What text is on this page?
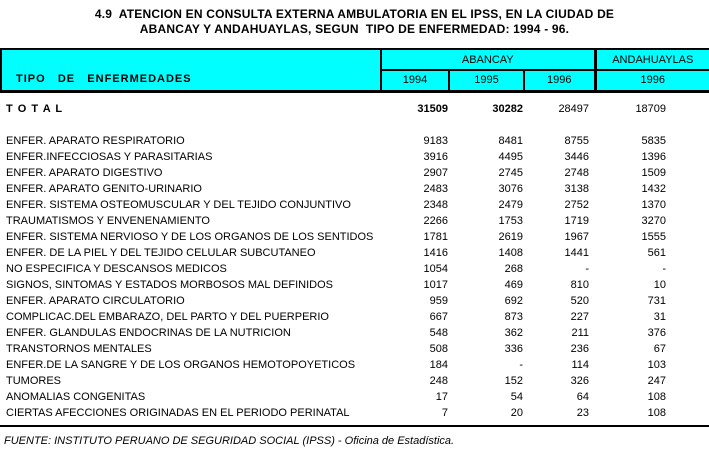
4.9  ATENCION EN CONSULTA EXTERNA AMBULATORIA EN EL IPSS, EN LA CIUDAD DE
ABANCAY Y ANDAHUAYLAS, SEGUN  TIPO DE ENFERMEDAD: 1994 - 96.
TIPO   DE   ENFERMEDADES	ABANCAY			ANDAHUAYLAS
	1994	1995	1996	1996

T O T A L	31509	30282	28497	18709

ENFER. APARATO RESPIRATORIO	9183	8481	8755	5835
ENFER.INFECCIOSAS Y PARASITARIAS	3916	4495	3446	1396
ENFER. APARATO DIGESTIVO	2907	2745	2748	1509
ENFER. APARATO GENITO-URINARIO	2483	3076	3138	1432
ENFER. SISTEMA OSTEOMUSCULAR Y DEL TEJIDO CONJUNTIVO	2348	2479	2752	1370
TRAUMATISMOS Y ENVENENAMIENTO	2266	1753	1719	3270
ENFER. SISTEMA NERVIOSO Y DE LOS ORGANOS DE LOS SENTIDOS	1781	2619	1967	1555
ENFER. DE LA PIEL Y DEL TEJIDO CELULAR SUBCUTANEO	1416	1408	1441	561
NO ESPECIFICA Y DESCANSOS MEDICOS	1054	268	-	-
SIGNOS, SINTOMAS Y ESTADOS MORBOSOS MAL DEFINIDOS	1017	469	810	10
ENFER. APARATO CIRCULATORIO	959	692	520	731
COMPLICAC.DEL EMBARAZO, DEL PARTO Y DEL PUERPERIO	667	873	227	31
ENFER. GLANDULAS ENDOCRINAS DE LA NUTRICION	548	362	211	376
TRANSTORNOS MENTALES	508	336	236	67
ENFER.DE LA SANGRE Y DE LOS ORGANOS HEMOTOPOYETICOS	184	-	114	103
TUMORES	248	152	326	247
ANOMALIAS CONGENITAS	17	54	64	108
CIERTAS AFECCIONES ORIGINADAS EN EL PERIODO PERINATAL	7	20	23	108
FUENTE: INSTITUTO PERUANO DE SEGURIDAD SOCIAL (IPSS) - Oficina de Estadística.
